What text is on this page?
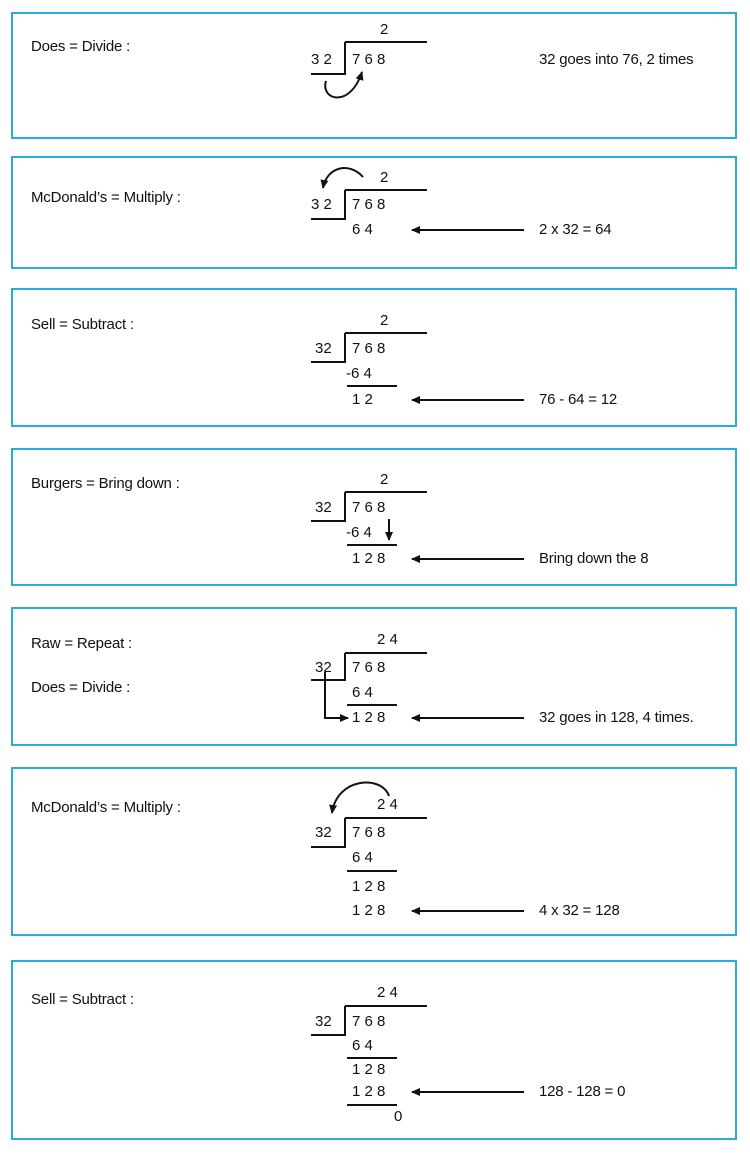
Does = Divide :
2
3 2 7 6 8	32 goes into 76, 2 times
McDonald’s = Multiply :
2
3 2 7 6 8
6 4	2 x 32 = 64
Sell = Subtract :	2
32 7 6 8
-6 4
1 2	76 - 64 = 12
Burgers = Bring down :	2
32 7 6 8
-6 4
1 2 8	Bring down the 8
Raw = Repeat :
Does = Divide :
2 4
32 7 6 8
6 4
1 2 8	32 goes in 128, 4 times.
McDonald’s = Multiply :	2 4
32 7 6 8
6 4
1 2 8
1 2 8	4 x 32 = 128
Sell = Subtract :	2 4
32 7 6 8
6 4
1 2 8
1 2 8
0
128 - 128 = 0
